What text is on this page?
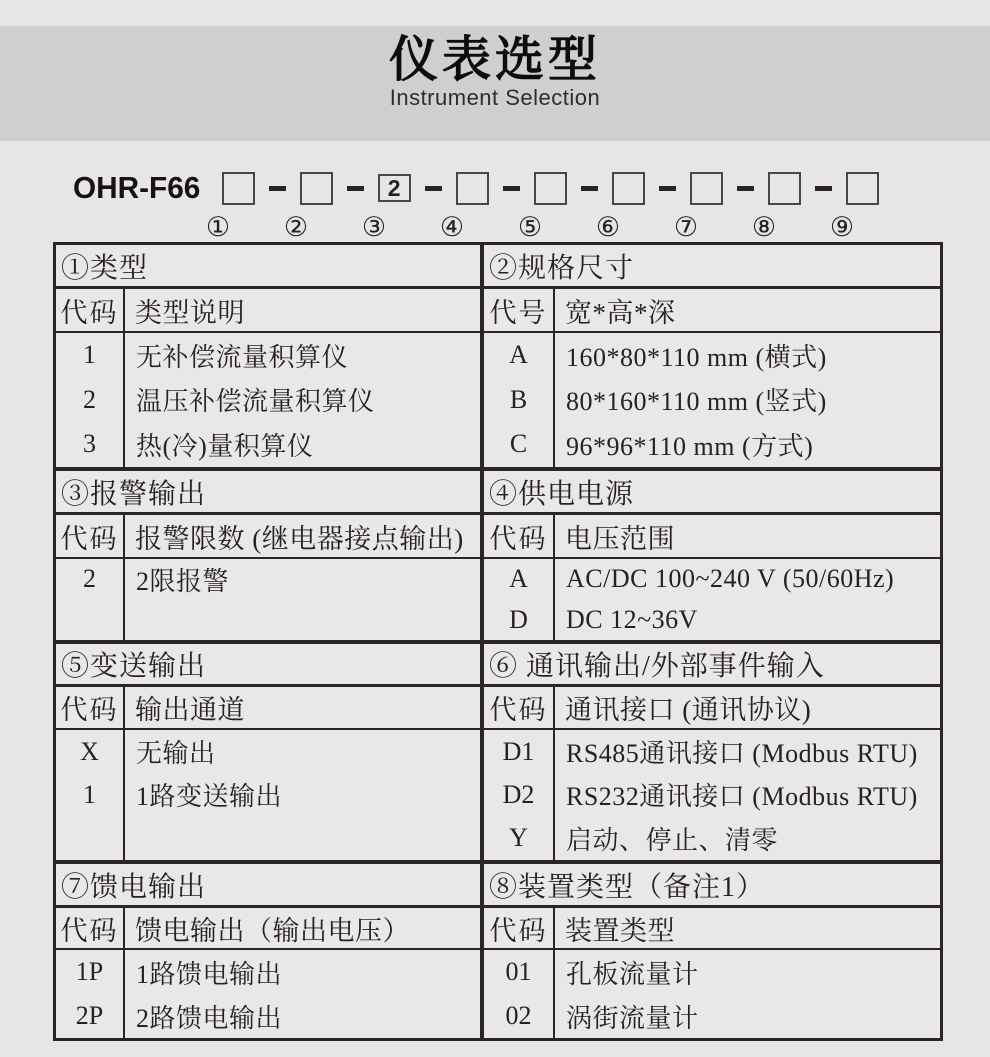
仪表选型
Instrument Selection
OHR-F66	2
① ② ③ ④ ⑤ ⑥ ⑦ ⑧ ⑨
①类型
代码 类型说明
1
2
3
无补偿流量积算仪
温压补偿流量积算仪
热(冷)量积算仪
②规格尺寸
代号 宽*高*深
A
B
C
160*80*110 mm (横式)
80*160*110 mm (竖式)
96*96*110 mm (方式)
③报警输出
代码 报警限数 (继电器接点输出)
2	2限报警
④供电电源
代码 电压范围
A
D
AC/DC 100~240 V (50/60Hz)
DC 12~36V
⑤变送输出
代码 输出通道
X
1
无输出
1路变送输出
⑥ 通讯输出/外部事件输入
代码 通讯接口 (通讯协议)
D1
D2
Y
RS485通讯接口 (Modbus RTU)
RS232通讯接口 (Modbus RTU)
启动、停止、清零
⑦馈电输出
代码 馈电输出（输出电压）
1P
2P
1路馈电输出
2路馈电输出
⑧装置类型（备注1）
代码 装置类型
01
02
孔板流量计
涡街流量计
